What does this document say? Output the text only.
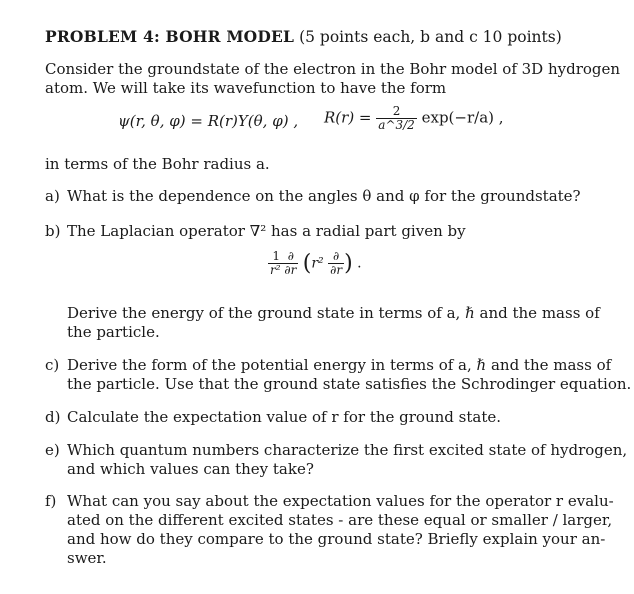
PROBLEM 4: BOHR MODEL (5 points each, b and c 10 points)

Consider the groundstate of the electron in the Bohr model of 3D hydrogen

atom. We will take its wavefunction to have the form

ψ(r, θ, φ) = R(r)Y(θ, φ) , $R(r) = \frac{2}{a\^{}3/2} \exp(-r/a)$ ,

in terms of the Bohr radius a.

a) What is the dependence on the angles θ and φ for the groundstate?

b) The Laplacian operator ∇² has a radial part given by

$\frac{1 \partial}{\text{r² ∂r}} (r^2 \frac{\partial}{\partial r}$ ) .

Derive the energy of the ground state in terms of a, ℏ and the mass of

the particle.

c) Derive the form of the potential energy in terms of a, ℏ and the mass of

the particle. Use that the ground state satisfies the Schrodinger equation.

d) Calculate the expectation value of r for the ground state.

e) Which quantum numbers characterize the first excited state of hydrogen,

and which values can they take?

f) What can you say about the expectation values for the operator r evalu-

ated on the different excited states - are these equal or smaller / larger,

and how do they compare to the ground state? Briefly explain your an-

swer.
